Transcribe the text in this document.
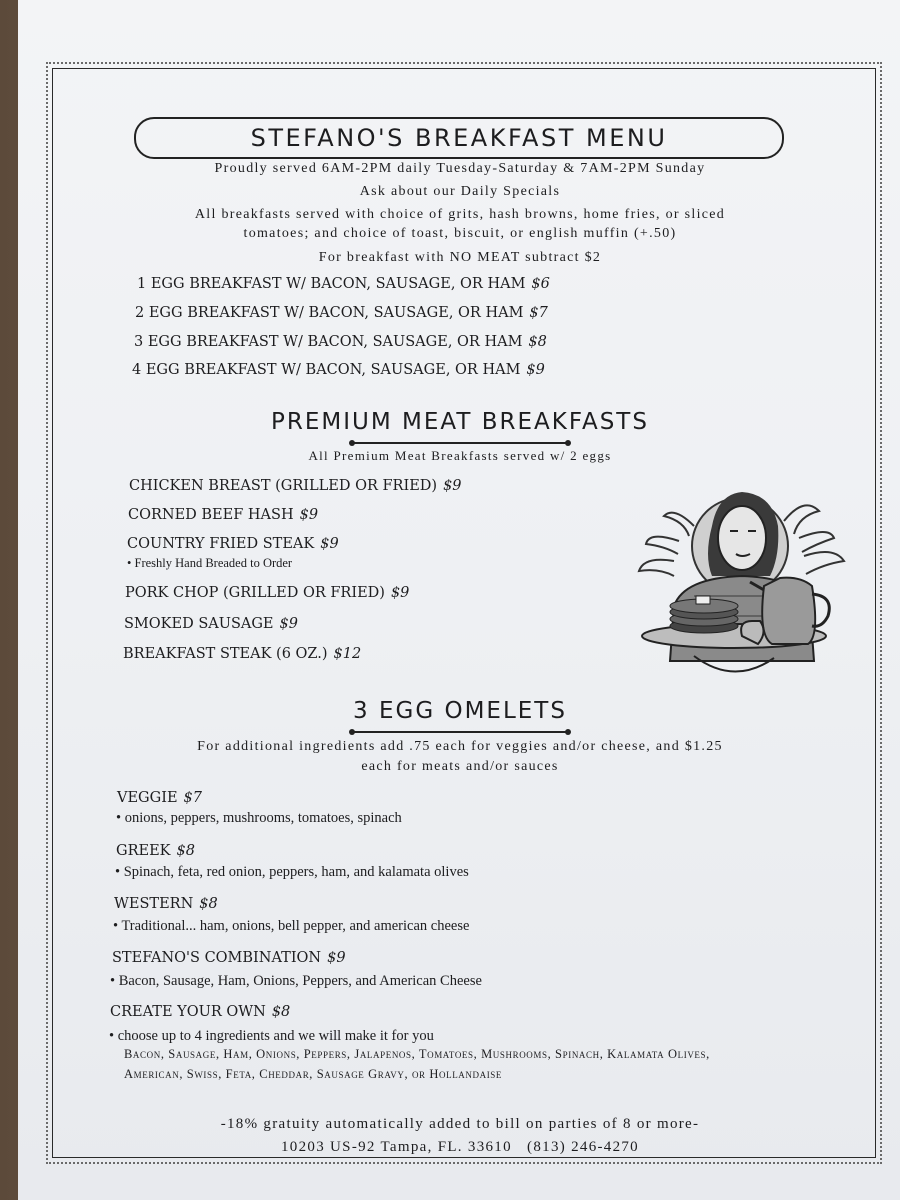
STEFANO'S BREAKFAST MENU
Proudly served 6AM-2PM daily Tuesday-Saturday & 7AM-2PM Sunday
Ask about our Daily Specials
All breakfasts served with choice of grits, hash browns, home fries, or sliced
tomatoes; and choice of toast, biscuit, or english muffin (+.50)
For breakfast with NO MEAT subtract $2
1 EGG BREAKFAST W/ BACON, SAUSAGE, OR HAM $6
2 EGG BREAKFAST W/ BACON, SAUSAGE, OR HAM $7
3 EGG BREAKFAST W/ BACON, SAUSAGE, OR HAM $8
4 EGG BREAKFAST W/ BACON, SAUSAGE, OR HAM $9
PREMIUM MEAT BREAKFASTS
All Premium Meat Breakfasts served w/ 2 eggs
CHICKEN BREAST (GRILLED OR FRIED) $9
CORNED BEEF HASH $9
COUNTRY FRIED STEAK $9
• Freshly Hand Breaded to Order
PORK CHOP (GRILLED OR FRIED) $9
SMOKED SAUSAGE $9
BREAKFAST STEAK (6 OZ.) $12
3 EGG OMELETS
For additional ingredients add .75 each for veggies and/or cheese, and $1.25
each for meats and/or sauces
VEGGIE $7
• onions, peppers, mushrooms, tomatoes, spinach
GREEK $8
• Spinach, feta, red onion, peppers, ham, and kalamata olives
WESTERN $8
• Traditional... ham, onions, bell pepper, and american cheese
STEFANO'S COMBINATION $9
• Bacon, Sausage, Ham, Onions, Peppers, and American Cheese
CREATE YOUR OWN $8
• choose up to 4 ingredients and we will make it for you
Bacon, Sausage, Ham, Onions, Peppers, Jalapenos, Tomatoes, Mushrooms, Spinach, Kalamata Olives,
American, Swiss, Feta, Cheddar, Sausage Gravy, or Hollandaise
-18% gratuity automatically added to bill on parties of 8 or more-
10203 US-92 Tampa, FL. 33610   (813) 246-4270
